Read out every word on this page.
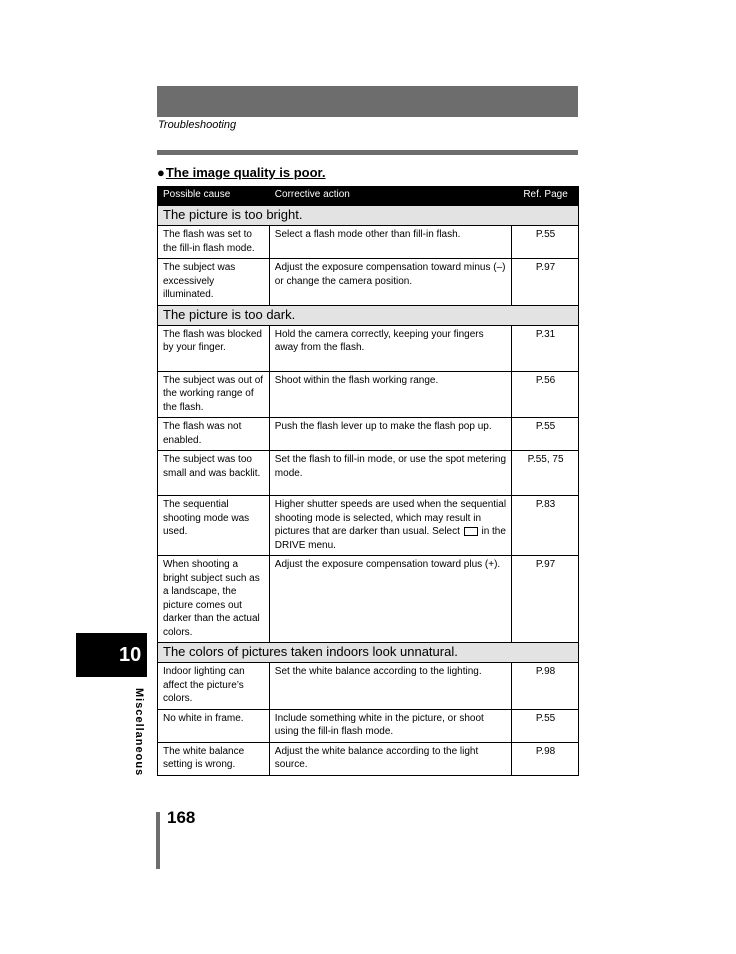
Troubleshooting
●The image quality is poor.
Possible cause	Corrective action	Ref. Page
The picture is too bright.		
The flash was set to the fill-in flash mode.	Select a flash mode other than fill-in flash.	P.55
The subject was excessively illuminated.	Adjust the exposure compensation toward minus (–) or change the camera position.	P.97
The picture is too dark.		
The flash was blocked by your finger.	Hold the camera correctly, keeping your fingers away from the flash.	P.31
The subject was out of the working range of the flash.	Shoot within the flash working range.	P.56
The flash was not enabled.	Push the flash lever up to make the flash pop up.	P.55
The subject was too small and was backlit.	Set the flash to fill-in mode, or use the spot metering mode.	P.55, 75
The sequential shooting mode was used.	Higher shutter speeds are used when the sequential shooting mode is selected, which may result in pictures that are darker than usual. Select in the DRIVE menu.	P.83
When shooting a bright subject such as a landscape, the picture comes out darker than the actual colors.	Adjust the exposure compensation toward plus (+).	P.97
The colors of pictures taken indoors look unnatural.		
Indoor lighting can affect the picture’s colors.	Set the white balance according to the lighting.	P.98
No white in frame.	Include something white in the picture, or shoot using the fill-in flash mode.	P.55
The white balance setting is wrong.	Adjust the white balance according to the light source.	P.98
10
Miscellaneous
168
